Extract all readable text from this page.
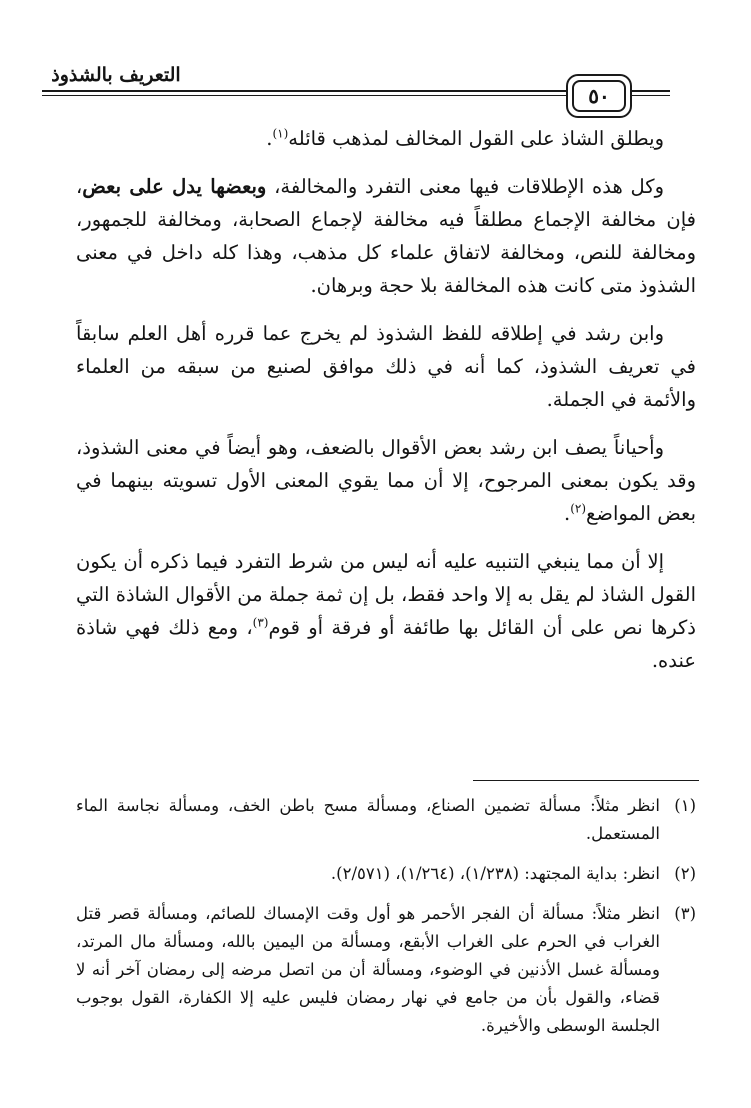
التعريف بالشذوذ
٥٠

ويطلق الشاذ على القول المخالف لمذهب قائله$^{(١)}$.

وكل هذه الإطلاقات فيها معنى التفرد والمخالفة، وبعضها يدل على بعض، فإن مخالفة الإجماع مطلقاً فيه مخالفة لإجماع الصحابة، ومخالفة للجمهور، ومخالفة للنص، ومخالفة لاتفاق علماء كل مذهب، وهذا كله داخل في معنى الشذوذ متى كانت هذه المخالفة بلا حجة وبرهان.

وابن رشد في إطلاقه للفظ الشذوذ لم يخرج عما قرره أهل العلم سابقاً في تعريف الشذوذ، كما أنه في ذلك موافق لصنيع من سبقه من العلماء والأئمة في الجملة.

وأحياناً يصف ابن رشد بعض الأقوال بالضعف، وهو أيضاً في معنى الشذوذ، وقد يكون بمعنى المرجوح، إلا أن مما يقوي المعنى الأول تسويته بينهما في بعض المواضع$^{(٢)}$.

إلا أن مما ينبغي التنبيه عليه أنه ليس من شرط التفرد فيما ذكره أن يكون القول الشاذ لم يقل به إلا واحد فقط، بل إن ثمة جملة من الأقوال الشاذة التي ذكرها نص على أن القائل بها طائفة أو فرقة أو قوم$^{(٣)}$، ومع ذلك فهي شاذة عنده.

(١)
انظر مثلاً: مسألة تضمين الصناع، ومسألة مسح باطن الخف، ومسألة نجاسة الماء المستعمل.
(٢)
انظر: بداية المجتهد: (١/٢٣٨)، (١/٢٦٤)، (٢/٥٧١).
(٣)
انظر مثلاً: مسألة أن الفجر الأحمر هو أول وقت الإمساك للصائم، ومسألة قصر قتل الغراب في الحرم على الغراب الأبقع، ومسألة من اليمين بالله، ومسألة مال المرتد، ومسألة غسل الأذنين في الوضوء، ومسألة أن من اتصل مرضه إلى رمضان آخر أنه لا قضاء، والقول بأن من جامع في نهار رمضان فليس عليه إلا الكفارة، القول بوجوب الجلسة الوسطى والأخيرة.
